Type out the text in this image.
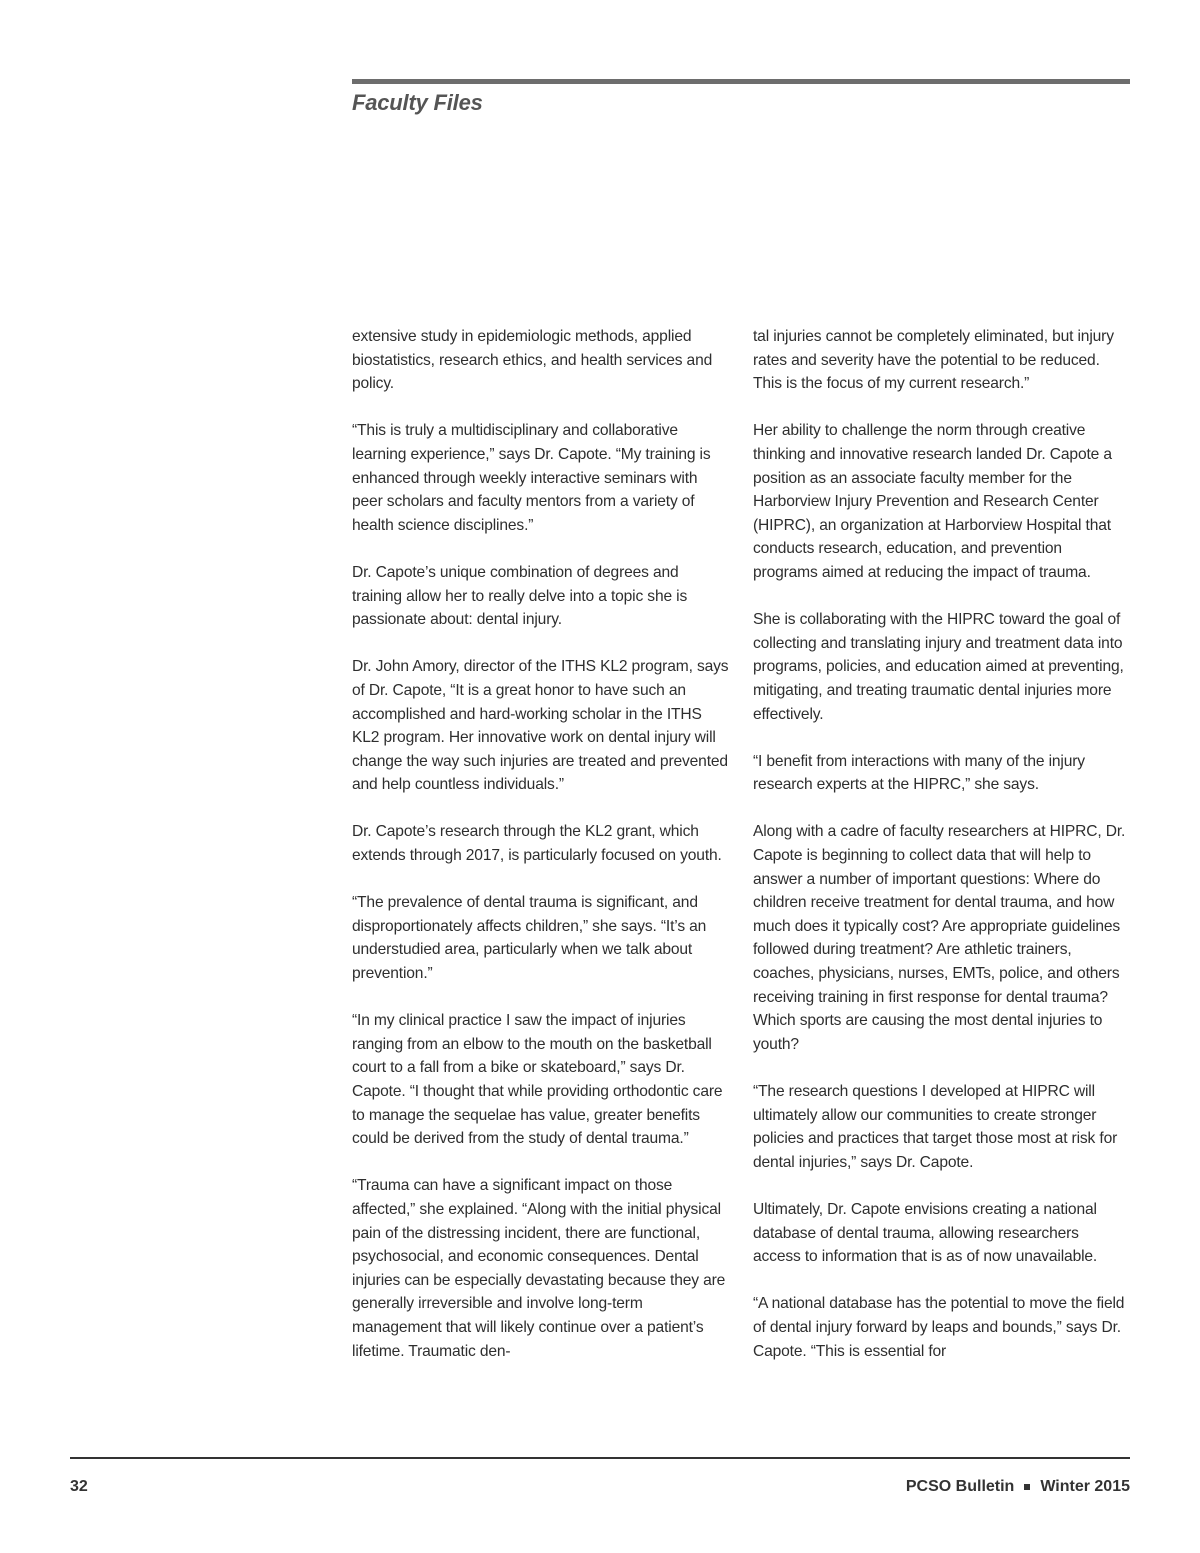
Faculty Files

extensive study in epidemiologic methods, applied biostatistics, research ethics, and health services and policy.

“This is truly a multidisciplinary and collaborative learning experience,” says Dr. Capote. “My training is enhanced through weekly interactive seminars with peer scholars and faculty mentors from a variety of health science disciplines.”

Dr. Capote’s unique combination of degrees and training allow her to really delve into a topic she is passionate about: dental injury.

Dr. John Amory, director of the ITHS KL2 program, says of Dr. Capote, “It is a great honor to have such an accomplished and hard-working scholar in the ITHS KL2 program. Her innovative work on dental injury will change the way such injuries are treated and prevented and help countless individuals.”

Dr. Capote’s research through the KL2 grant, which extends through 2017, is particularly focused on youth.

“The prevalence of dental trauma is significant, and disproportionately affects children,” she says. “It’s an understudied area, particularly when we talk about prevention.”

“In my clinical practice I saw the impact of injuries ranging from an elbow to the mouth on the basketball court to a fall from a bike or skateboard,” says Dr. Capote. “I thought that while providing orthodontic care to manage the sequelae has value, greater benefits could be derived from the study of dental trauma.”

“Trauma can have a significant impact on those affected,” she explained. “Along with the initial physical pain of the distressing incident, there are functional, psychosocial, and economic consequences. Dental injuries can be especially devastating because they are generally irreversible and involve long-term management that will likely continue over a patient’s lifetime. Traumatic den-

tal injuries cannot be completely eliminated, but injury rates and severity have the potential to be reduced. This is the focus of my current research.”

Her ability to challenge the norm through creative thinking and innovative research landed Dr. Capote a position as an associate faculty member for the Harborview Injury Prevention and Research Center (HIPRC), an organization at Harborview Hospital that conducts research, education, and prevention programs aimed at reducing the impact of trauma.

She is collaborating with the HIPRC toward the goal of collecting and translating injury and treatment data into programs, policies, and education aimed at preventing, mitigating, and treating traumatic dental injuries more effectively.

“I benefit from interactions with many of the injury research experts at the HIPRC,” she says.

Along with a cadre of faculty researchers at HIPRC, Dr. Capote is beginning to collect data that will help to answer a number of important questions: Where do children receive treatment for dental trauma, and how much does it typically cost? Are appropriate guidelines followed during treatment? Are athletic trainers, coaches, physicians, nurses, EMTs, police, and others receiving training in first response for dental trauma? Which sports are causing the most dental injuries to youth?

“The research questions I developed at HIPRC will ultimately allow our communities to create stronger policies and practices that target those most at risk for dental injuries,” says Dr. Capote.

Ultimately, Dr. Capote envisions creating a national database of dental trauma, allowing researchers access to information that is as of now unavailable.

“A national database has the potential to move the field of dental injury forward by leaps and bounds,” says Dr. Capote. “This is essential for

32	PCSO Bulletin Winter 2015
